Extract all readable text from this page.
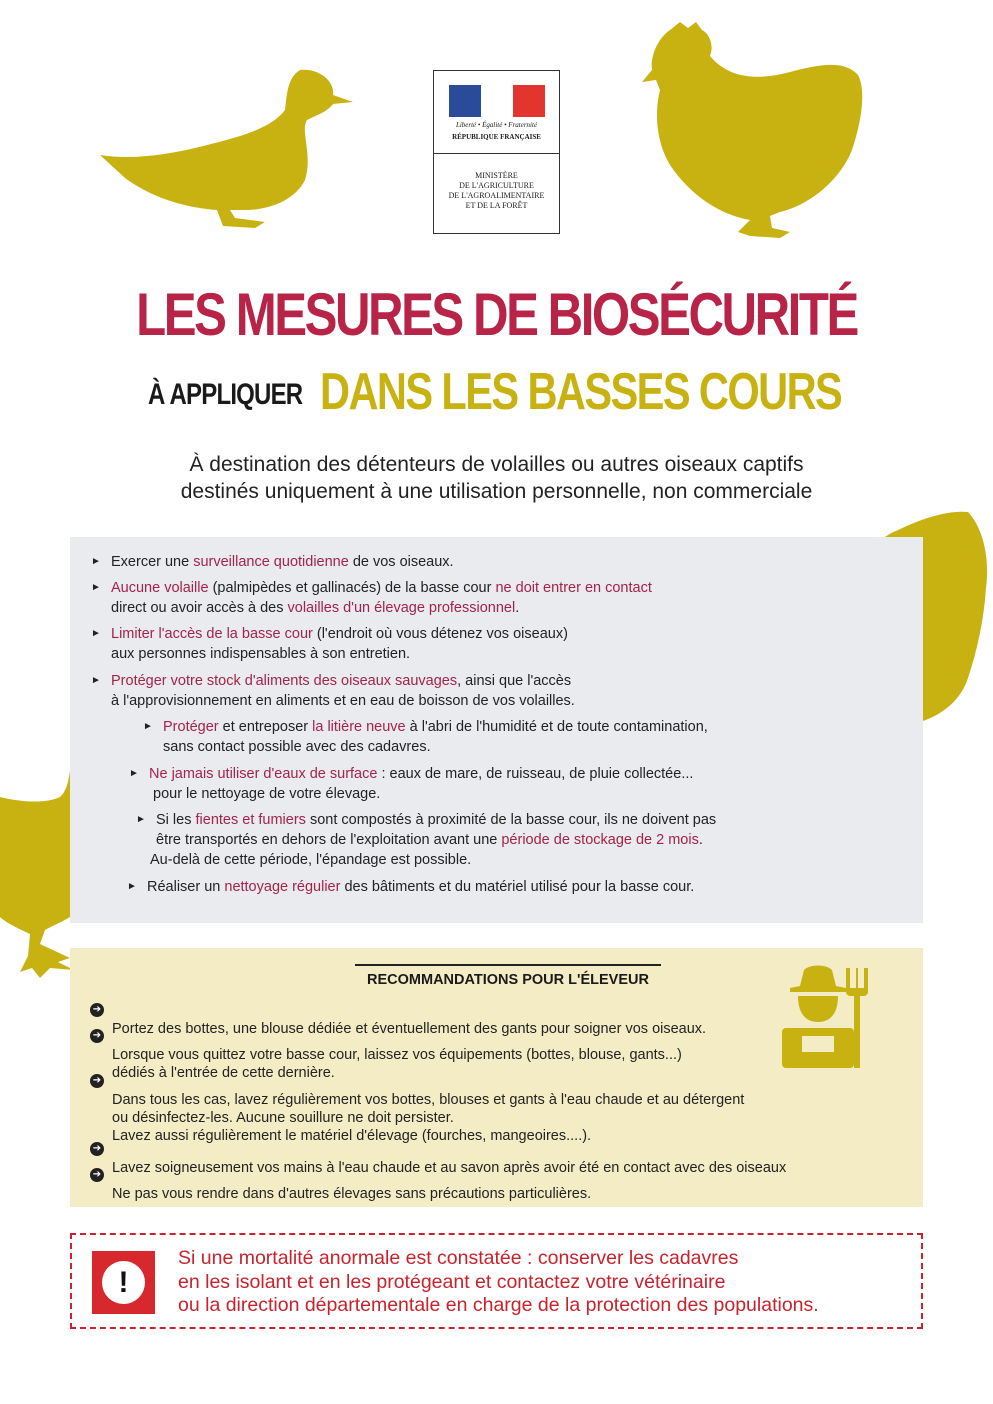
Liberté • Égalité • Fraternité
RÉPUBLIQUE FRANÇAISE
MINISTÈRE
DE L'AGRICULTURE
DE L'AGROALIMENTAIRE
ET DE LA FORÊT
LES MESURES DE BIOSÉCURITÉ
À APPLIQUER DANS LES BASSES COURS
À destination des détenteurs de volailles ou autres oiseaux captifs
destinés uniquement à une utilisation personnelle, non commerciale
► Exercer une surveillance quotidienne de vos oiseaux.
► Aucune volaille (palmipèdes et gallinacés) de la basse cour ne doit entrer en contact
direct ou avoir accès à des volailles d'un élevage professionnel.
► Limiter l'accès de la basse cour (l'endroit où vous détenez vos oiseaux)
aux personnes indispensables à son entretien.
► Protéger votre stock d'aliments des oiseaux sauvages, ainsi que l'accès
à l'approvisionnement en aliments et en eau de boisson de vos volailles.
► Protéger et entreposer la litière neuve à l'abri de l'humidité et de toute contamination,
sans contact possible avec des cadavres.
► Ne jamais utiliser d'eaux de surface : eaux de mare, de ruisseau, de pluie collectée...
pour le nettoyage de votre élevage.
► Si les fientes et fumiers sont compostés à proximité de la basse cour, ils ne doivent pas
être transportés en dehors de l'exploitation avant une période de stockage de 2 mois.
Au-delà de cette période, l'épandage est possible.
► Réaliser un nettoyage régulier des bâtiments et du matériel utilisé pour la basse cour.
RECOMMANDATIONS POUR L'ÉLEVEUR

➔
Portez des bottes, une blouse dédiée et éventuellement des gants pour soigner vos oiseaux.

➔
Lorsque vous quittez votre basse cour, laissez vos équipements (bottes, blouse, gants...)
dédiés à l'entrée de cette dernière.

➔
Dans tous les cas, lavez régulièrement vos bottes, blouses et gants à l'eau chaude et au détergent
ou désinfectez-les. Aucune souillure ne doit persister.
Lavez aussi régulièrement le matériel d'élevage (fourches, mangeoires....).

➔
Lavez soigneusement vos mains à l'eau chaude et au savon après avoir été en contact avec des oiseaux

➔
Ne pas vous rendre dans d'autres élevages sans précautions particulières.

!
Si une mortalité anormale est constatée : conserver les cadavres
en les isolant et en les protégeant et contactez votre vétérinaire
ou la direction départementale en charge de la protection des populations.
